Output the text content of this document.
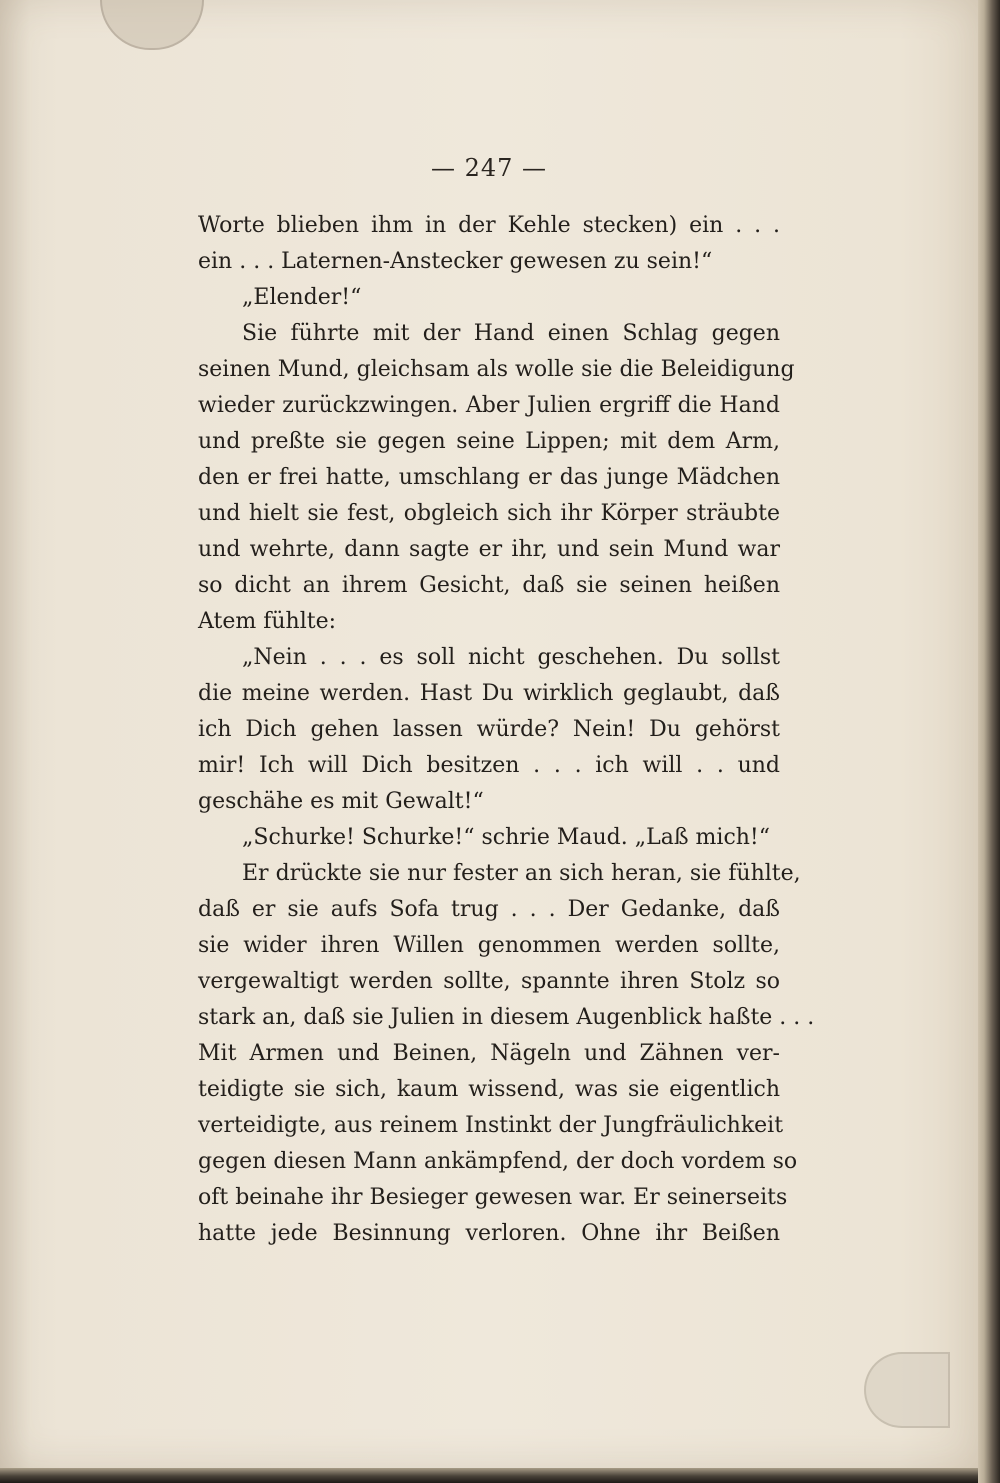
— 247 —
Worte blieben ihm in der Kehle stecken) ein . . .
ein . . . Laternen-Anstecker gewesen zu sein!“
„Elender!“
Sie führte mit der Hand einen Schlag gegen
seinen Mund, gleichsam als wolle sie die Beleidigung
wieder zurückzwingen. Aber Julien ergriff die Hand
und preßte sie gegen seine Lippen; mit dem Arm,
den er frei hatte, umschlang er das junge Mädchen
und hielt sie fest, obgleich sich ihr Körper sträubte
und wehrte, dann sagte er ihr, und sein Mund war
so dicht an ihrem Gesicht, daß sie seinen heißen
Atem fühlte:
„Nein . . . es soll nicht geschehen. Du sollst
die meine werden. Hast Du wirklich geglaubt, daß
ich Dich gehen lassen würde? Nein! Du gehörst
mir! Ich will Dich besitzen . . . ich will . . und
geschähe es mit Gewalt!“
„Schurke! Schurke!“ schrie Maud. „Laß mich!“
Er drückte sie nur fester an sich heran, sie fühlte,
daß er sie aufs Sofa trug . . . Der Gedanke, daß
sie wider ihren Willen genommen werden sollte,
vergewaltigt werden sollte, spannte ihren Stolz so
stark an, daß sie Julien in diesem Augenblick haßte . . .
Mit Armen und Beinen, Nägeln und Zähnen ver-
teidigte sie sich, kaum wissend, was sie eigentlich
verteidigte, aus reinem Instinkt der Jungfräulichkeit
gegen diesen Mann ankämpfend, der doch vordem so
oft beinahe ihr Besieger gewesen war. Er seinerseits
hatte jede Besinnung verloren. Ohne ihr Beißen
